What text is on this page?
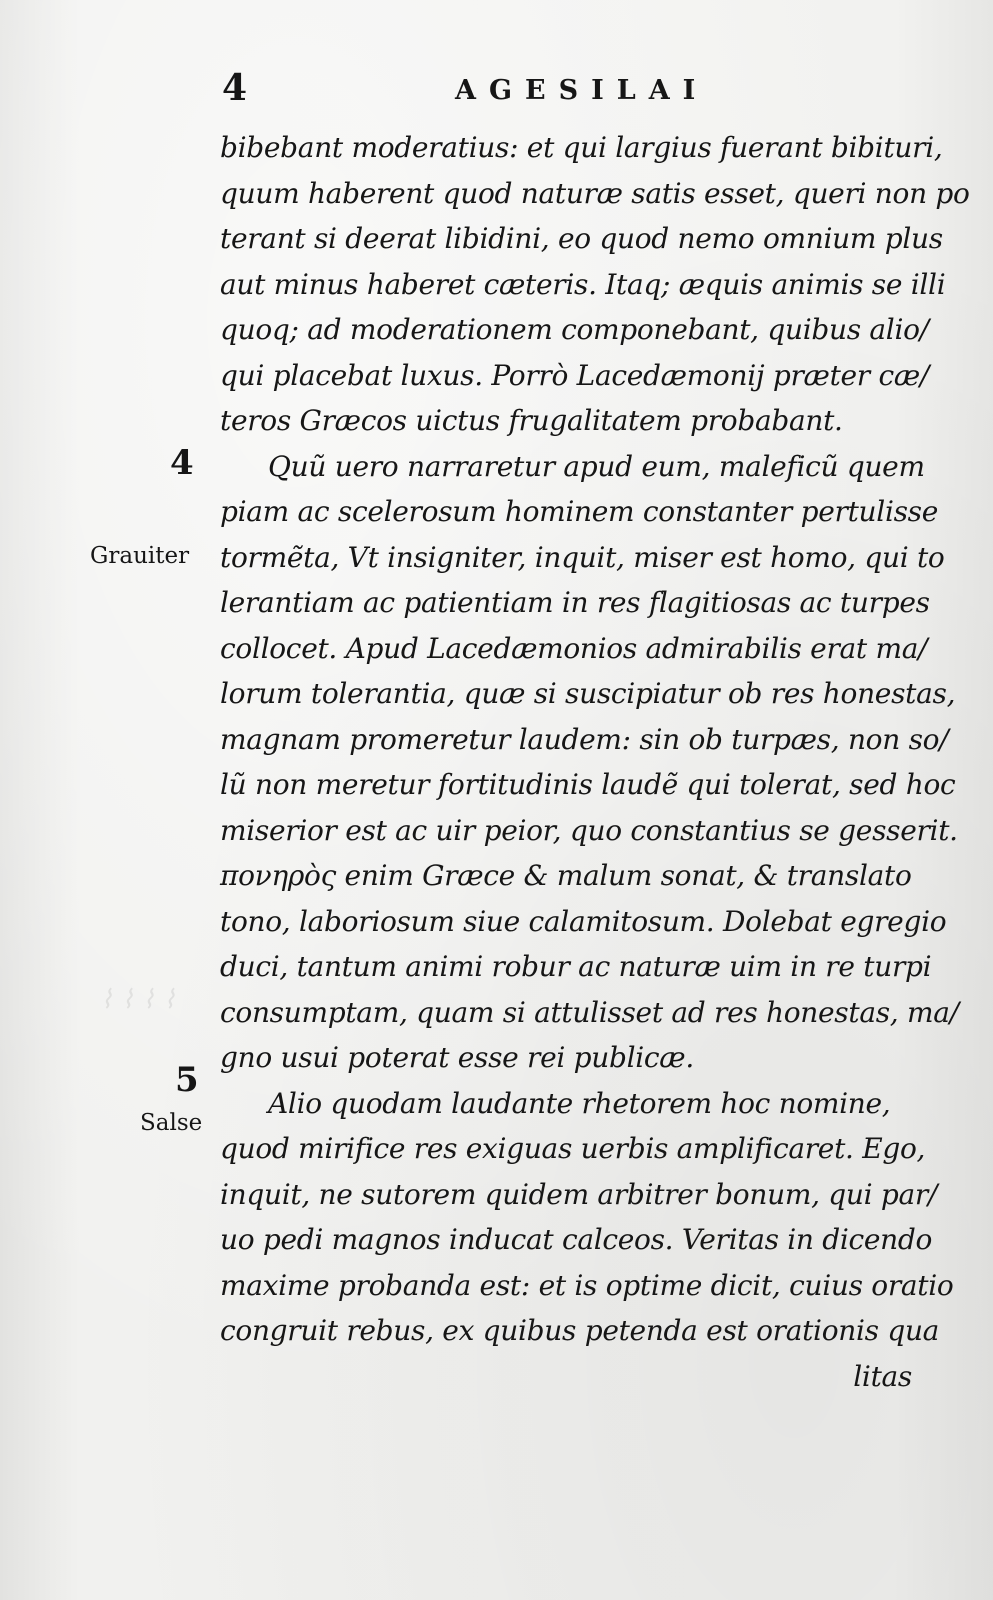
4	AGESILAI
⌇ ⌇ ⌇ ⌇
4
Grauiter
5
Salse
bibebant moderatius: et qui largius fuerant bibituri,
quum haberent quod naturæ satis esset, queri non po
terant si deerat libidini, eo quod nemo omnium plus
aut minus haberet cæteris. Itaq; æquis animis se illi
quoq; ad moderationem componebant, quibus alio/
qui placebat luxus. Porrò Lacedæmonij præter cæ/
teros Græcos uictus frugalitatem probabant.
Quũ uero narraretur apud eum, maleficũ quem
piam ac scelerosum hominem constanter pertulisse
tormẽta, Vt insigniter, inquit, miser est homo, qui to
lerantiam ac patientiam in res flagitiosas ac turpes
collocet. Apud Lacedæmonios admirabilis erat ma/
lorum tolerantia, quæ si suscipiatur ob res honestas,
magnam promeretur laudem: sin ob turpæs, non so/
lũ non meretur fortitudinis laudẽ qui tolerat, sed hoc
miserior est ac uir peior, quo constantius se gesserit.
πονηρὸς enim Græce & malum sonat, & translato
tono, laboriosum siue calamitosum. Dolebat egregio
duci, tantum animi robur ac naturæ uim in re turpi
consumptam, quam si attulisset ad res honestas, ma/
gno usui poterat esse rei publicæ.
Alio quodam laudante rhetorem hoc nomine,
quod mirifice res exiguas uerbis amplificaret. Ego,
inquit, ne sutorem quidem arbitrer bonum, qui par/
uo pedi magnos inducat calceos. Veritas in dicendo
maxime probanda est: et is optime dicit, cuius oratio
congruit rebus, ex quibus petenda est orationis qua
litas
